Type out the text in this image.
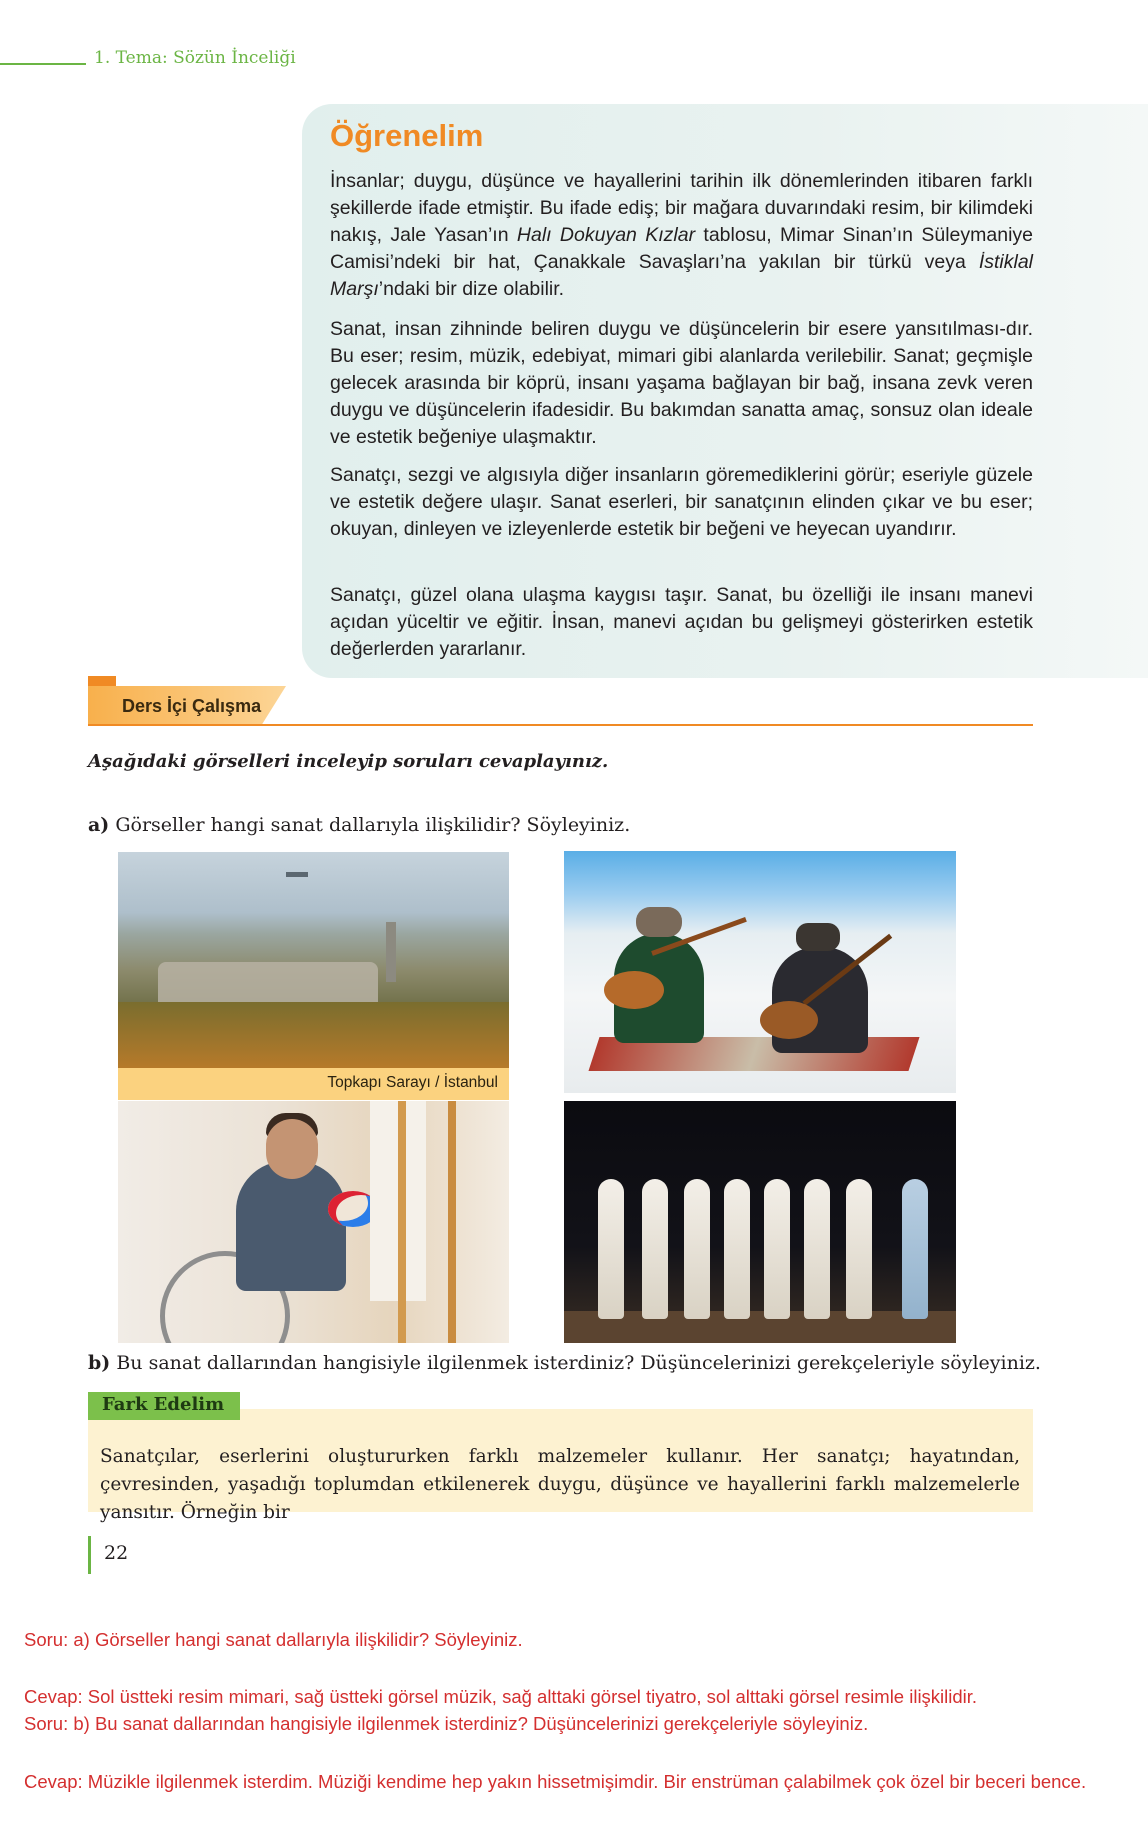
1. Tema: Sözün İnceliği
Öğrenelim

İnsanlar; duygu, düşünce ve hayallerini tarihin ilk dönemlerinden itibaren farklı şekillerde ifade etmiştir. Bu ifade ediş; bir mağara duvarındaki resim, bir kilimdeki nakış, Jale Yasan’ın Halı Dokuyan Kızlar tablosu, Mimar Sinan’ın Süleymaniye Camisi’ndeki bir hat, Çanakkale Savaşları’na yakılan bir türkü veya İstiklal Marşı’ndaki bir dize olabilir.

Sanat, insan zihninde beliren duygu ve düşüncelerin bir esere yansıtılması-dır. Bu eser; resim, müzik, edebiyat, mimari gibi alanlarda verilebilir. Sanat; geçmişle gelecek arasında bir köprü, insanı yaşama bağlayan bir bağ, insana zevk veren duygu ve düşüncelerin ifadesidir. Bu bakımdan sanatta amaç, sonsuz olan ideale ve estetik beğeniye ulaşmaktır.

Sanatçı, sezgi ve algısıyla diğer insanların göremediklerini görür; eseriyle güzele ve estetik değere ulaşır. Sanat eserleri, bir sanatçının elinden çıkar ve bu eser; okuyan, dinleyen ve izleyenlerde estetik bir beğeni ve heyecan uyandırır.

Sanatçı, güzel olana ulaşma kaygısı taşır. Sanat, bu özelliği ile insanı manevi açıdan yüceltir ve eğitir. İnsan, manevi açıdan bu gelişmeyi gösterirken estetik değerlerden yararlanır.

Ders İçi Çalışma
Aşağıdaki görselleri inceleyip soruları cevaplayınız.
a) Görseller hangi sanat dallarıyla ilişkilidir? Söyleyiniz.
Topkapı Sarayı / İstanbul
b) Bu sanat dallarından hangisiyle ilgilenmek isterdiniz? Düşüncelerinizi gerekçeleriyle söyleyiniz.
Fark Edelim

Sanatçılar, eserlerini oluştururken farklı malzemeler kullanır. Her sanatçı; hayatından, çevresinden, yaşadığı toplumdan etkilenerek duygu, düşünce ve hayallerini farklı malzemelerle yansıtır. Örneğin bir

22

Soru: a) Görseller hangi sanat dallarıyla ilişkilidir? Söyleyiniz.

Cevap: Sol üstteki resim mimari, sağ üstteki görsel müzik, sağ alttaki görsel tiyatro, sol alttaki görsel resimle ilişkilidir.

Soru: b) Bu sanat dallarından hangisiyle ilgilenmek isterdiniz? Düşüncelerinizi gerekçeleriyle söyleyiniz.

Cevap: Müzikle ilgilenmek isterdim. Müziği kendime hep yakın hissetmişimdir. Bir enstrüman çalabilmek çok özel bir beceri bence.
